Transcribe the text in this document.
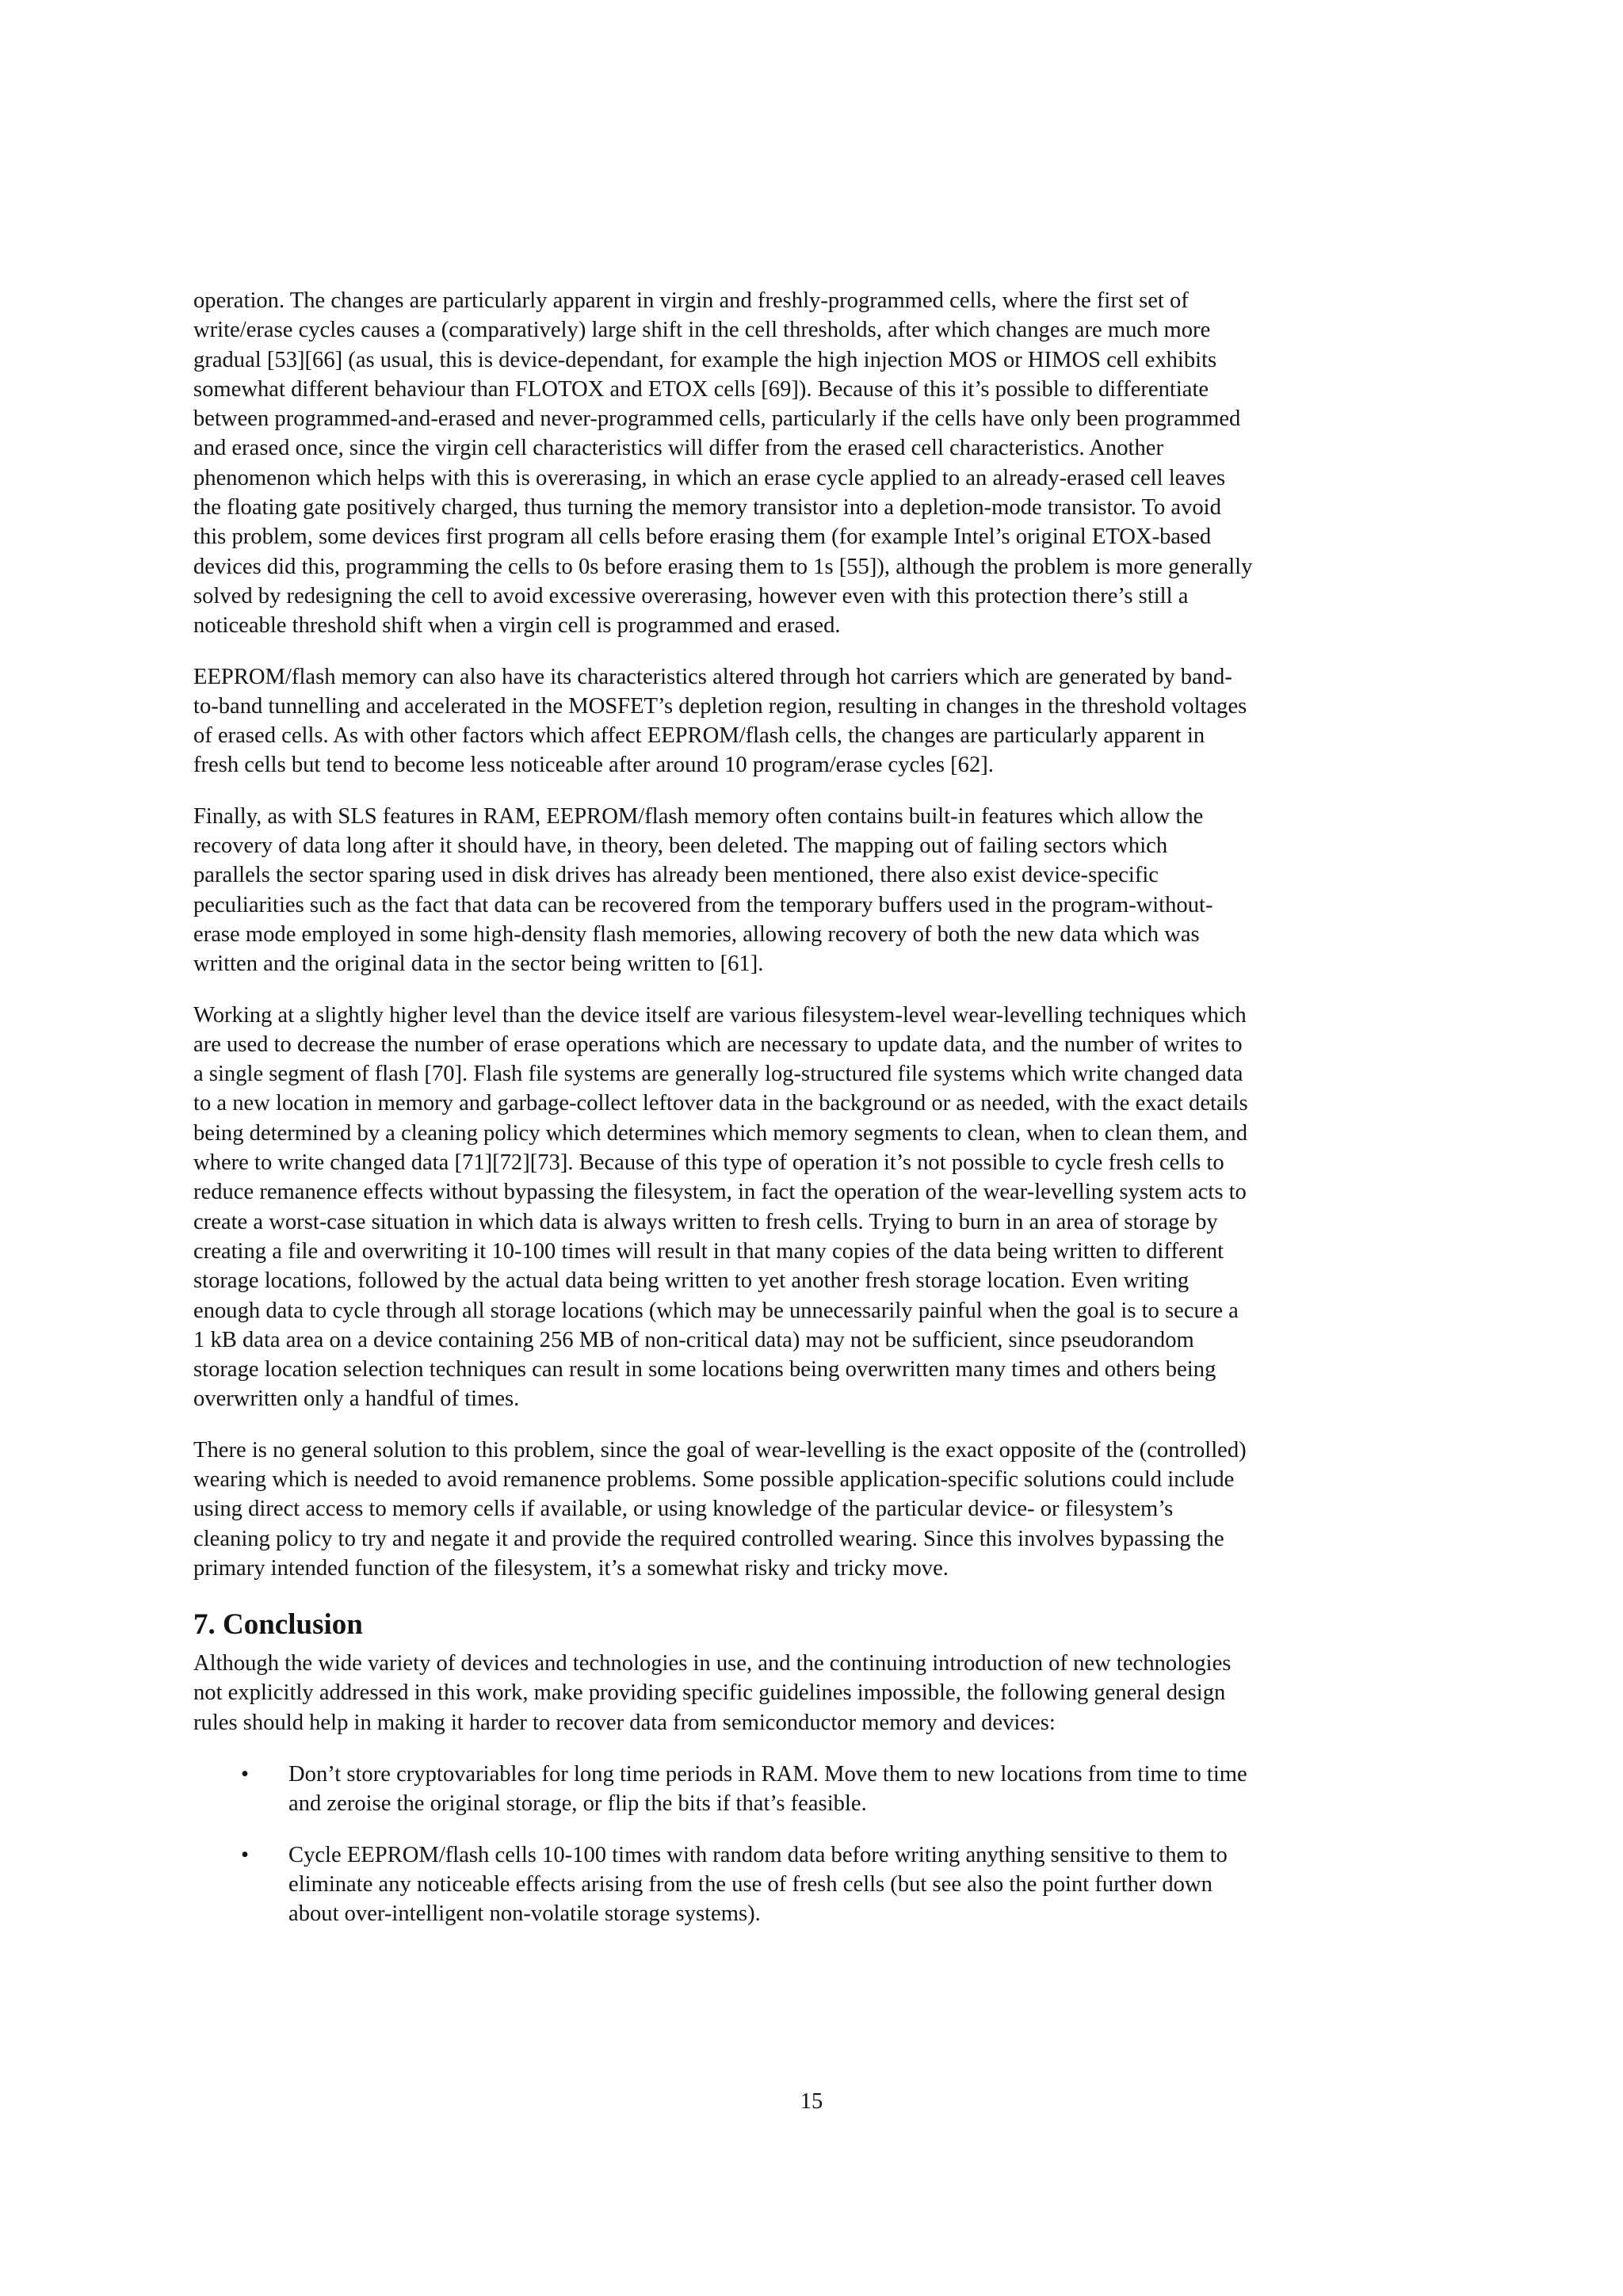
operation. The changes are particularly apparent in virgin and freshly-programmed cells, where the first set of
write/erase cycles causes a (comparatively) large shift in the cell thresholds, after which changes are much more
gradual [53][66] (as usual, this is device-dependant, for example the high injection MOS or HIMOS cell exhibits
somewhat different behaviour than FLOTOX and ETOX cells [69]). Because of this it’s possible to differentiate
between programmed-and-erased and never-programmed cells, particularly if the cells have only been programmed
and erased once, since the virgin cell characteristics will differ from the erased cell characteristics. Another
phenomenon which helps with this is overerasing, in which an erase cycle applied to an already-erased cell leaves
the floating gate positively charged, thus turning the memory transistor into a depletion-mode transistor. To avoid
this problem, some devices first program all cells before erasing them (for example Intel’s original ETOX-based
devices did this, programming the cells to 0s before erasing them to 1s [55]), although the problem is more generally
solved by redesigning the cell to avoid excessive overerasing, however even with this protection there’s still a
noticeable threshold shift when a virgin cell is programmed and erased.

EEPROM/flash memory can also have its characteristics altered through hot carriers which are generated by band-
to-band tunnelling and accelerated in the MOSFET’s depletion region, resulting in changes in the threshold voltages
of erased cells. As with other factors which affect EEPROM/flash cells, the changes are particularly apparent in
fresh cells but tend to become less noticeable after around 10 program/erase cycles [62].

Finally, as with SLS features in RAM, EEPROM/flash memory often contains built-in features which allow the
recovery of data long after it should have, in theory, been deleted. The mapping out of failing sectors which
parallels the sector sparing used in disk drives has already been mentioned, there also exist device-specific
peculiarities such as the fact that data can be recovered from the temporary buffers used in the program-without-
erase mode employed in some high-density flash memories, allowing recovery of both the new data which was
written and the original data in the sector being written to [61].

Working at a slightly higher level than the device itself are various filesystem-level wear-levelling techniques which
are used to decrease the number of erase operations which are necessary to update data, and the number of writes to
a single segment of flash [70]. Flash file systems are generally log-structured file systems which write changed data
to a new location in memory and garbage-collect leftover data in the background or as needed, with the exact details
being determined by a cleaning policy which determines which memory segments to clean, when to clean them, and
where to write changed data [71][72][73]. Because of this type of operation it’s not possible to cycle fresh cells to
reduce remanence effects without bypassing the filesystem, in fact the operation of the wear-levelling system acts to
create a worst-case situation in which data is always written to fresh cells. Trying to burn in an area of storage by
creating a file and overwriting it 10-100 times will result in that many copies of the data being written to different
storage locations, followed by the actual data being written to yet another fresh storage location. Even writing
enough data to cycle through all storage locations (which may be unnecessarily painful when the goal is to secure a
1 kB data area on a device containing 256 MB of non-critical data) may not be sufficient, since pseudorandom
storage location selection techniques can result in some locations being overwritten many times and others being
overwritten only a handful of times.

There is no general solution to this problem, since the goal of wear-levelling is the exact opposite of the (controlled)
wearing which is needed to avoid remanence problems. Some possible application-specific solutions could include
using direct access to memory cells if available, or using knowledge of the particular device- or filesystem’s
cleaning policy to try and negate it and provide the required controlled wearing. Since this involves bypassing the
primary intended function of the filesystem, it’s a somewhat risky and tricky move.

7. Conclusion

Although the wide variety of devices and technologies in use, and the continuing introduction of new technologies
not explicitly addressed in this work, make providing specific guidelines impossible, the following general design
rules should help in making it harder to recover data from semiconductor memory and devices:

• Don’t store cryptovariables for long time periods in RAM. Move them to new locations from time to time
and zeroise the original storage, or flip the bits if that’s feasible.
• Cycle EEPROM/flash cells 10-100 times with random data before writing anything sensitive to them to
eliminate any noticeable effects arising from the use of fresh cells (but see also the point further down
about over-intelligent non-volatile storage systems).
15
